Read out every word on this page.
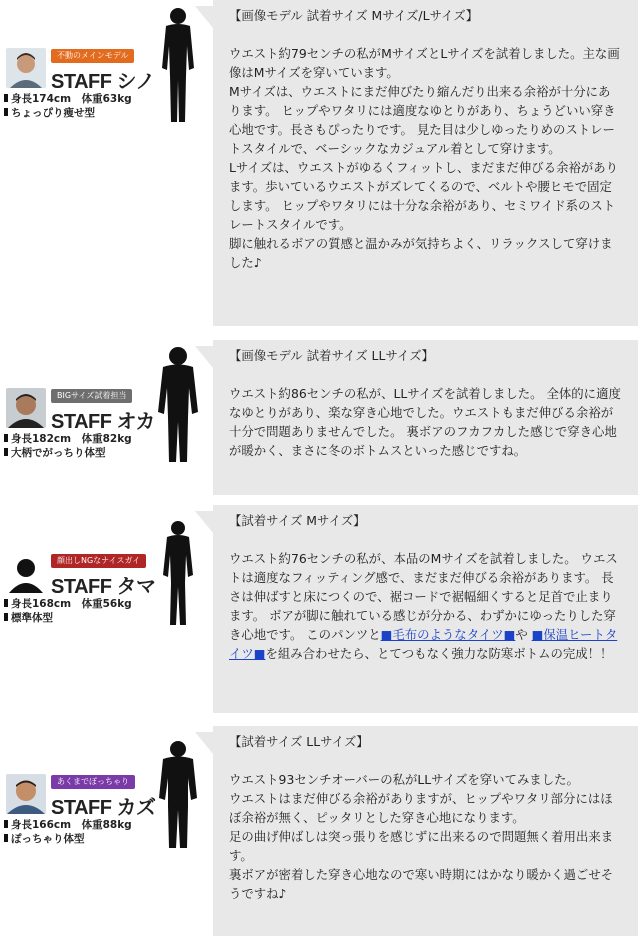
不動のメインモデル
STAFF シノ
身長174cm　体重63kg
ちょっぴり痩せ型

【画像モデル 試着サイズ Mサイズ/Lサイズ】

ウエスト約79センチの私がMサイズとLサイズを試着しました。主な画像はMサイズを穿いています。

Mサイズは、ウエストにまだ伸びたり縮んだり出来る余裕が十分にあります。 ヒップやワタリには適度なゆとりがあり、ちょうどいい穿き心地です。長さもぴったりです。 見た目は少しゆったりめのストレートスタイルで、ベーシックなカジュアル着として穿けます。

Lサイズは、ウエストがゆるくフィットし、まだまだ伸びる余裕があります。歩いているウエストがズレてくるので、ベルトや腰ヒモで固定します。 ヒップやワタリには十分な余裕があり、セミワイド系のストレートスタイルです。

脚に触れるボアの質感と温かみが気持ちよく、リラックスして穿けました♪

BIGサイズ試着担当
STAFF オカ
身長182cm　体重82kg
大柄でがっちり体型

【画像モデル 試着サイズ LLサイズ】

ウエスト約86センチの私が、LLサイズを試着しました。 全体的に適度なゆとりがあり、楽な穿き心地でした。ウエストもまだ伸びる余裕が十分で問題ありませんでした。 裏ボアのフカフカした感じで穿き心地が暖かく、まさに冬のボトムスといった感じですね。

顔出しNGなナイスガイ
STAFF タマ
身長168cm　体重56kg
標準体型

【試着サイズ Mサイズ】

ウエスト約76センチの私が、本品のMサイズを試着しました。 ウエストは適度なフィッティング感で、まだまだ伸びる余裕があります。 長さは伸ばすと床につくので、裾コードで裾幅細くすると足首で止まります。 ボアが脚に触れている感じが分かる、わずかにゆったりした穿き心地です。 このパンツと■毛布のようなタイツ■や ■保温ヒートタイツ■を組み合わせたら、とてつもなく強力な防寒ボトムの完成！！

あくまでぽっちゃり
STAFF カズ
身長166cm　体重88kg
ぽっちゃり体型

【試着サイズ LLサイズ】

ウエスト93センチオーバーの私がLLサイズを穿いてみました。

ウエストはまだ伸びる余裕がありますが、ヒップやワタリ部分にはほぼ余裕が無く、ピッタリとした穿き心地になります。

足の曲げ伸ばしは突っ張りを感じずに出来るので問題無く着用出来ます。

裏ボアが密着した穿き心地なので寒い時期にはかなり暖かく過ごせそうですね♪
